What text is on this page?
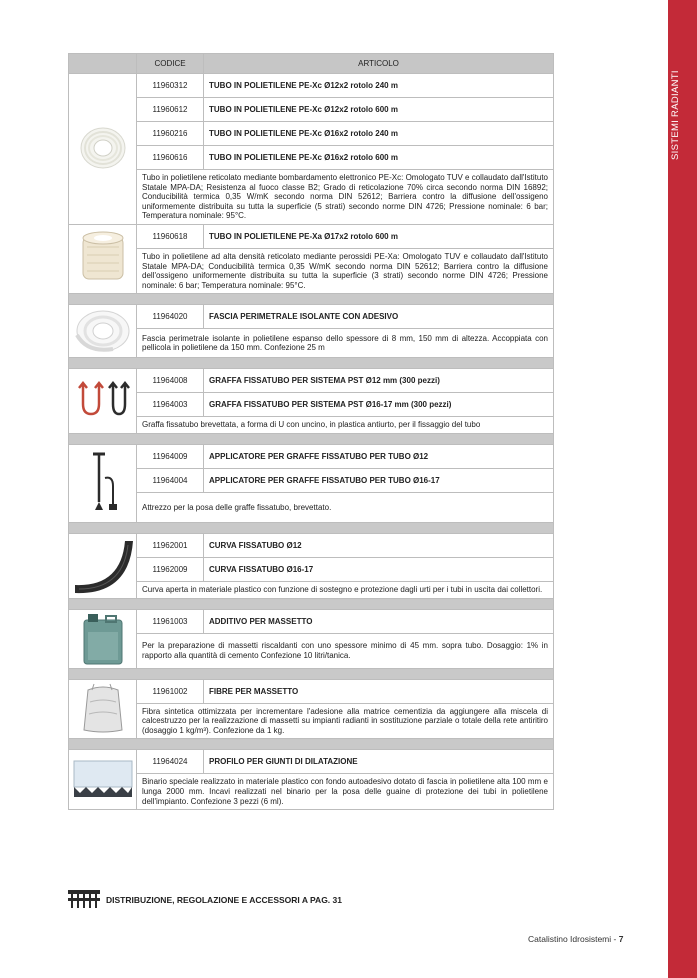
SISTEMI RADIANTI
	CODICE	ARTICOLO
	11960312	TUBO IN POLIETILENE PE-Xc Ø12x2 rotolo 240 m
	11960612	TUBO IN POLIETILENE PE-Xc Ø12x2 rotolo 600 m
	11960216	TUBO IN POLIETILENE PE-Xc Ø16x2 rotolo 240 m
	11960616	TUBO IN POLIETILENE PE-Xc Ø16x2 rotolo 600 m
	Tubo in polietilene reticolato mediante bombardamento elettronico PE-Xc: Omologato TUV e collaudato dall'Istituto Statale MPA-DA; Resistenza al fuoco classe B2; Grado di reticolazione 70% circa secondo norma DIN 16892; Conducibilità termica 0,35 W/mK secondo norma DIN 52612; Barriera contro la diffusione dell'ossigeno uniformemente distribuita su tutta la superficie (5 strati) secondo norme DIN 4726; Pressione nominale: 6 bar; Temperatura nominale: 95°C.	
	11960618	TUBO IN POLIETILENE PE-Xa Ø17x2 rotolo 600 m
	Tubo in polietilene ad alta densità reticolato mediante perossidi PE-Xa: Omologato TUV e collaudato dall'Istituto Statale MPA-DA; Conducibilità termica 0,35 W/mK secondo norma DIN 52612; Barriera contro la diffusione dell'ossigeno uniformemente distribuita su tutta la superficie (3 strati) secondo norme DIN 4726; Pressione nominale: 6 bar; Temperatura nominale: 95°C.	

	11964020	FASCIA PERIMETRALE ISOLANTE CON ADESIVO
	Fascia perimetrale isolante in polietilene espanso dello spessore di 8 mm, 150 mm di altezza. Accoppiata con pellicola in polietilene da 150 mm. Confezione 25 m	

	11964008	GRAFFA FISSATUBO PER SISTEMA PST Ø12 mm (300 pezzi)
	11964003	GRAFFA FISSATUBO PER SISTEMA PST Ø16-17 mm (300 pezzi)
	Graffa fissatubo brevettata, a forma di U con uncino, in plastica antiurto, per il fissaggio del tubo	

	11964009	APPLICATORE PER GRAFFE FISSATUBO PER TUBO Ø12
	11964004	APPLICATORE PER GRAFFE FISSATUBO PER TUBO Ø16-17
	Attrezzo per la posa delle graffe fissatubo, brevettato.	

	11962001	CURVA FISSATUBO Ø12
	11962009	CURVA FISSATUBO Ø16-17
	Curva aperta in materiale plastico con funzione di sostegno e protezione dagli urti per i tubi in uscita dai collettori.	

	11961003	ADDITIVO PER MASSETTO
	Per la preparazione di massetti riscaldanti con uno spessore minimo di 45 mm. sopra tubo. Dosaggio: 1% in rapporto alla quantità di cemento Confezione 10 litri/tanica.	

	11961002	FIBRE PER MASSETTO
	Fibra sintetica ottimizzata per incrementare l'adesione alla matrice cementizia da aggiungere alla miscela di calcestruzzo per la realizzazione di massetti su impianti radianti in sostituzione parziale o totale della rete antiritiro (dosaggio 1 kg/m³). Confezione da 1 kg.	

	11964024	PROFILO PER GIUNTI DI DILATAZIONE
	Binario speciale realizzato in materiale plastico con fondo autoadesivo dotato di fascia in polietilene alta 100 mm e lunga 2000 mm. Incavi realizzati nel binario per la posa delle guaine di protezione dei tubi in polietilene dell'impianto. Confezione 3 pezzi (6 ml).	
DISTRIBUZIONE, REGOLAZIONE E ACCESSORI A PAG. 31
Catalistino Idrosistemi - 7
